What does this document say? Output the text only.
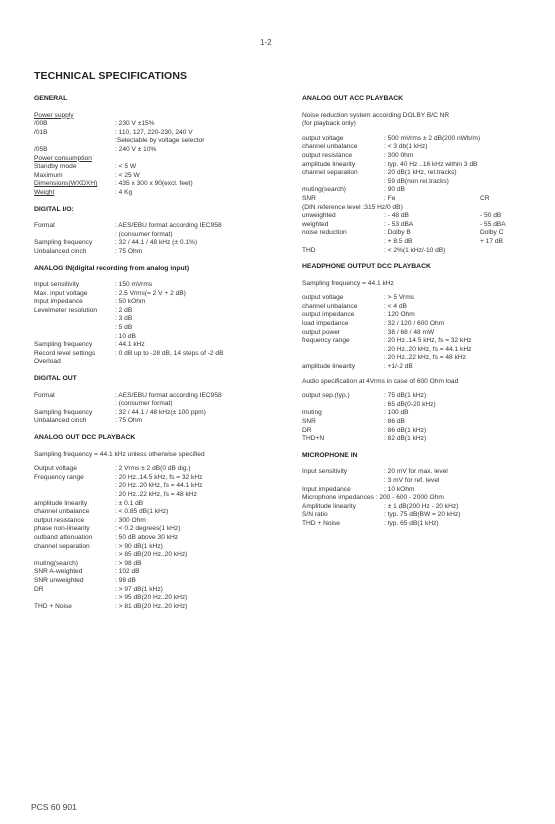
1-2
TECHNICAL SPECIFICATIONS
GENERAL
Power supply
/00B	: 230 V ±15%
/01B	: 110, 127, 220-230, 240 V
:Selectable by voltage selector
/05B	: 240 V ± 10%
Power consumption
Standby mode	: < 5 W
Maximum	: < 25 W
Dimensions(WXDXH)	: 435 x 300 x 90(excl. feet)
Weight	: 4 Kg
DIGITAL I/O:
Format	: AES/EBU format according IEC958
: (consumer format)
Sampling frequency	: 32 / 44.1 / 48 kHz (± 0.1%)
Unbalanced cinch	: 75 Ohm
ANALOG IN(digital recording from analog input)
Input sensitivity	: 150 mVrms
Max. input voltage	: 2.5 Vrms(= 2 V + 2 dB)
Input impedance	: 50 kOhm
Levelmeter resolution	: 2 dB
: 3 dB
: 5 dB
: 10 dB
Sampling frequency	: 44.1 kHz
Record level settings	: 0 dB up to -28 dB, 14 steps of -2 dB
Overload
DIGITAL OUT
Format	: AES/EBU format according IEC958
: (consumer format)
Sampling frequency	: 32 / 44.1 / 48 kHz(± 100 ppm)
Unbalanced cinch	: 75 Ohm
ANALOG OUT DCC PLAYBACK
Sampling frequency = 44.1 kHz unless otherwise specified
Output voltage	: 2 Vrms ± 2 dB(0 dB dig.)
Frequency range	: 20 Hz..14.5 kHz, fs = 32 kHz
: 20 Hz..20 kHz, fs = 44.1 kHz
: 20 Hz..22 kHz, fs = 48 kHz
amplitude linearity	: ± 0.1 dB
channel unbalance	: < 0.85 dB(1 kHz)
output resistance	: 300 Ohm
phase non-linearity	: < 0.2 degrees(1 kHz)
outband attenuation	: 50 dB above 30 kHz
channel separation	: > 90 dB(1 kHz)
: > 85 dB(20 Hz..20 kHz)
muting(search)	: > 98 dB
SNR A-weighted	: 102 dB
SNR unweighted	: 98 dB
DR	: > 97 dB(1 kHz)
: > 95 dB(20 Hz..20 kHz)
THD + Noise	: > 81 dB(20 Hz..20 kHz)
ANALOG OUT ACC PLAYBACK
Noise reduction system according DOLBY B/C NR
(for playback only)
output voltage	: 500 mVrms ± 2 dB(200 nWb/m)
channel unbalance	: < 3 db(1 kHz)
output resistance	: 300 0hm
amplitude linearity	: typ. 40 Hz ..16 kHz within 3 dB
channel separation	: 20 dB(1 kHz, rel.tracks)
: 59 dB(non rel.tracks)
muting(search)	: 90 dB
SNR	: Fe	CR
(DIN reference level :315 Hz/0 dB)
unweighted	: - 48 dB	- 50 dB
weighted	: - 53 dBA	- 55 dBA
noise reduction	: Dolby B	Dolby C
: + 8.5 dB	+ 17 dB
THD	: < 2%(1 kHz/-10 dB)
HEADPHONE OUTPUT DCC PLAYBACK
Sampling frequency = 44.1 kHz
output voltage	: > 5 Vrms
channel unbalance	: < 4 dB
output impedance	: 120 Ohm
load impedance	: 32 / 120 / 600 Ohm
output power	: 38 / 68 / 48 mW
frequency range	: 20 Hz..14.5 kHz, fs = 32 kHz
: 20 Hz..20 kHz, fs = 44.1 kHz
: 20 Hz..22 kHz, fs = 48 kHz
amplitude linearity	: +1/-2 dB
Audio specification at 4Vrms in case of 600 Ohm load
output sep.(typ.)	: 75 dB(1 kHz)
: 65 dB(0-20 kHz)
muting	: 100 dB
SNR	: 86 dB
DR	: 86 dB(1 kHz)
THD+N	: 82 dB(1 kHz)
MICROPHONE IN
Input sensitivity	: 20 mV for max. level
: 3 mV for ref. level
Input impedance	: 10 kOhm
Microphone impedances : 200 - 600 - 2000 Ohm
Amplitude linearity	: ± 1 dB(200 Hz - 20 kHz)
S/N ratio	: typ. 75 dB(BW = 20 kHz)
THD + Noise	: typ. 65 dB(1 kHz)
PCS 60 901
